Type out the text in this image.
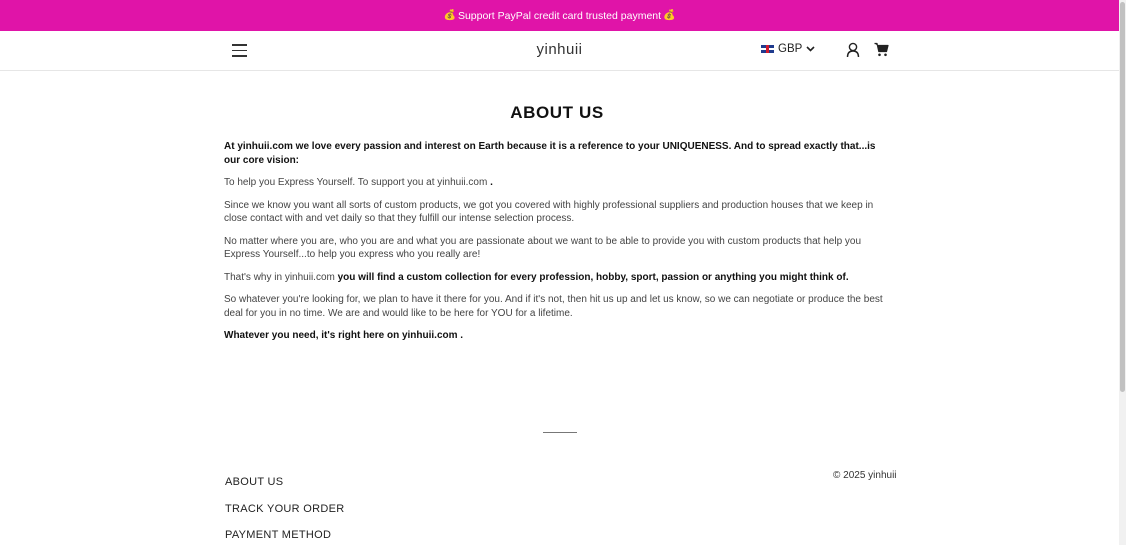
💰 Support PayPal credit card trusted payment 💰
yinhuii	GBP
ABOUT US

At yinhuii.com we love every passion and interest on Earth because it is a reference to your UNIQUENESS. And to spread exactly that...is our core vision:

To help you Express Yourself. To support you at yinhuii.com .

Since we know you want all sorts of custom products, we got you covered with highly professional suppliers and production houses that we keep in close contact with and vet daily so that they fulfill our intense selection process.

No matter where you are, who you are and what you are passionate about we want to be able to provide you with custom products that help you Express Yourself...to help you express who you really are!

That's why in yinhuii.com you will find a custom collection for every profession, hobby, sport, passion or anything you might think of.

So whatever you're looking for, we plan to have it there for you. And if it's not, then hit us up and let us know, so we can negotiate or produce the best deal for you in no time. We are and would like to be here for YOU for a lifetime.

Whatever you need, it's right here on yinhuii.com .

ABOUT US
TRACK YOUR ORDER
PAYMENT METHOD
© 2025 yinhuii
